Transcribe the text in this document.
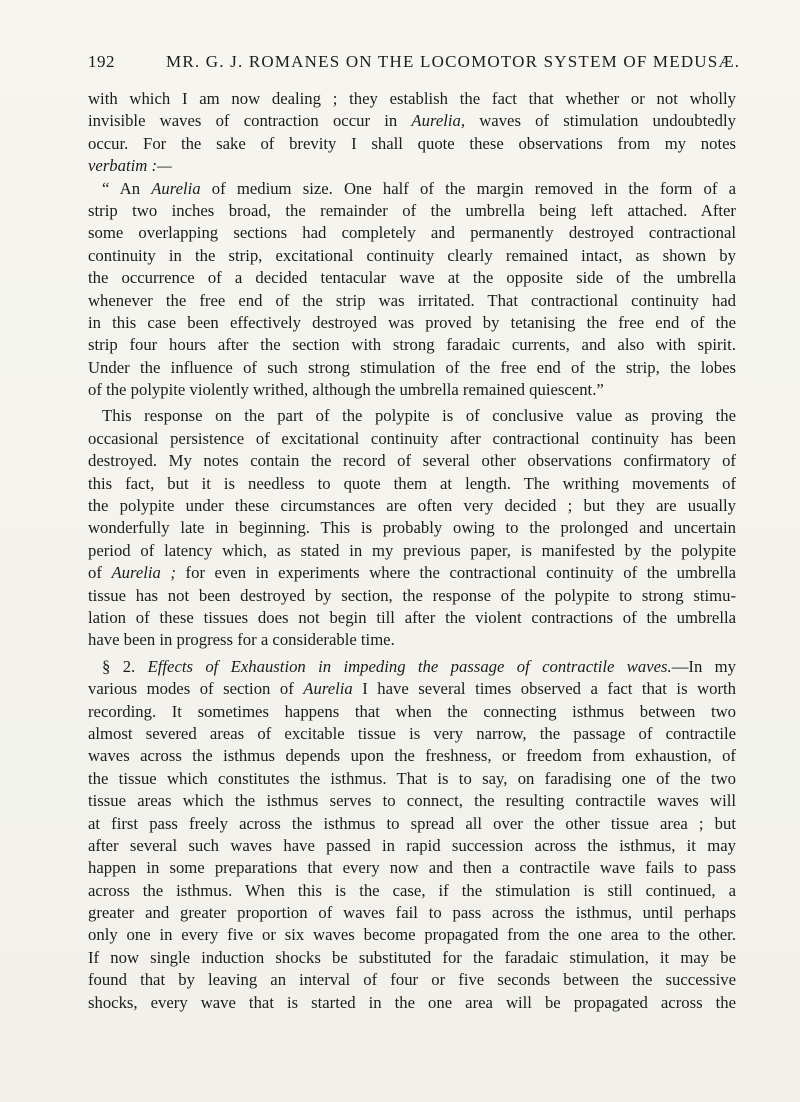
192	MR. G. J. ROMANES ON THE LOCOMOTOR SYSTEM OF MEDUSÆ.
with which I am now dealing ; they establish the fact that whether or not wholly
invisible waves of contraction occur in Aurelia, waves of stimulation undoubtedly
occur. For the sake of brevity I shall quote these observations from my notes
verbatim :—
“ An Aurelia of medium size. One half of the margin removed in the form of a
strip two inches broad, the remainder of the umbrella being left attached. After
some overlapping sections had completely and permanently destroyed contractional
continuity in the strip, excitational continuity clearly remained intact, as shown by
the occurrence of a decided tentacular wave at the opposite side of the umbrella
whenever the free end of the strip was irritated. That contractional continuity had
in this case been effectively destroyed was proved by tetanising the free end of the
strip four hours after the section with strong faradaic currents, and also with spirit.
Under the influence of such strong stimulation of the free end of the strip, the lobes
of the polypite violently writhed, although the umbrella remained quiescent.”
This response on the part of the polypite is of conclusive value as proving the
occasional persistence of excitational continuity after contractional continuity has been
destroyed. My notes contain the record of several other observations confirmatory of
this fact, but it is needless to quote them at length. The writhing movements of
the polypite under these circumstances are often very decided ; but they are usually
wonderfully late in beginning. This is probably owing to the prolonged and uncertain
period of latency which, as stated in my previous paper, is manifested by the polypite
of Aurelia ; for even in experiments where the contractional continuity of the umbrella
tissue has not been destroyed by section, the response of the polypite to strong stimu-
lation of these tissues does not begin till after the violent contractions of the umbrella
have been in progress for a considerable time.
§ 2. Effects of Exhaustion in impeding the passage of contractile waves.—In my
various modes of section of Aurelia I have several times observed a fact that is worth
recording. It sometimes happens that when the connecting isthmus between two
almost severed areas of excitable tissue is very narrow, the passage of contractile
waves across the isthmus depends upon the freshness, or freedom from exhaustion, of
the tissue which constitutes the isthmus. That is to say, on faradising one of the two
tissue areas which the isthmus serves to connect, the resulting contractile waves will
at first pass freely across the isthmus to spread all over the other tissue area ; but
after several such waves have passed in rapid succession across the isthmus, it may
happen in some preparations that every now and then a contractile wave fails to pass
across the isthmus. When this is the case, if the stimulation is still continued, a
greater and greater proportion of waves fail to pass across the isthmus, until perhaps
only one in every five or six waves become propagated from the one area to the other.
If now single induction shocks be substituted for the faradaic stimulation, it may be
found that by leaving an interval of four or five seconds between the successive
shocks, every wave that is started in the one area will be propagated across the
